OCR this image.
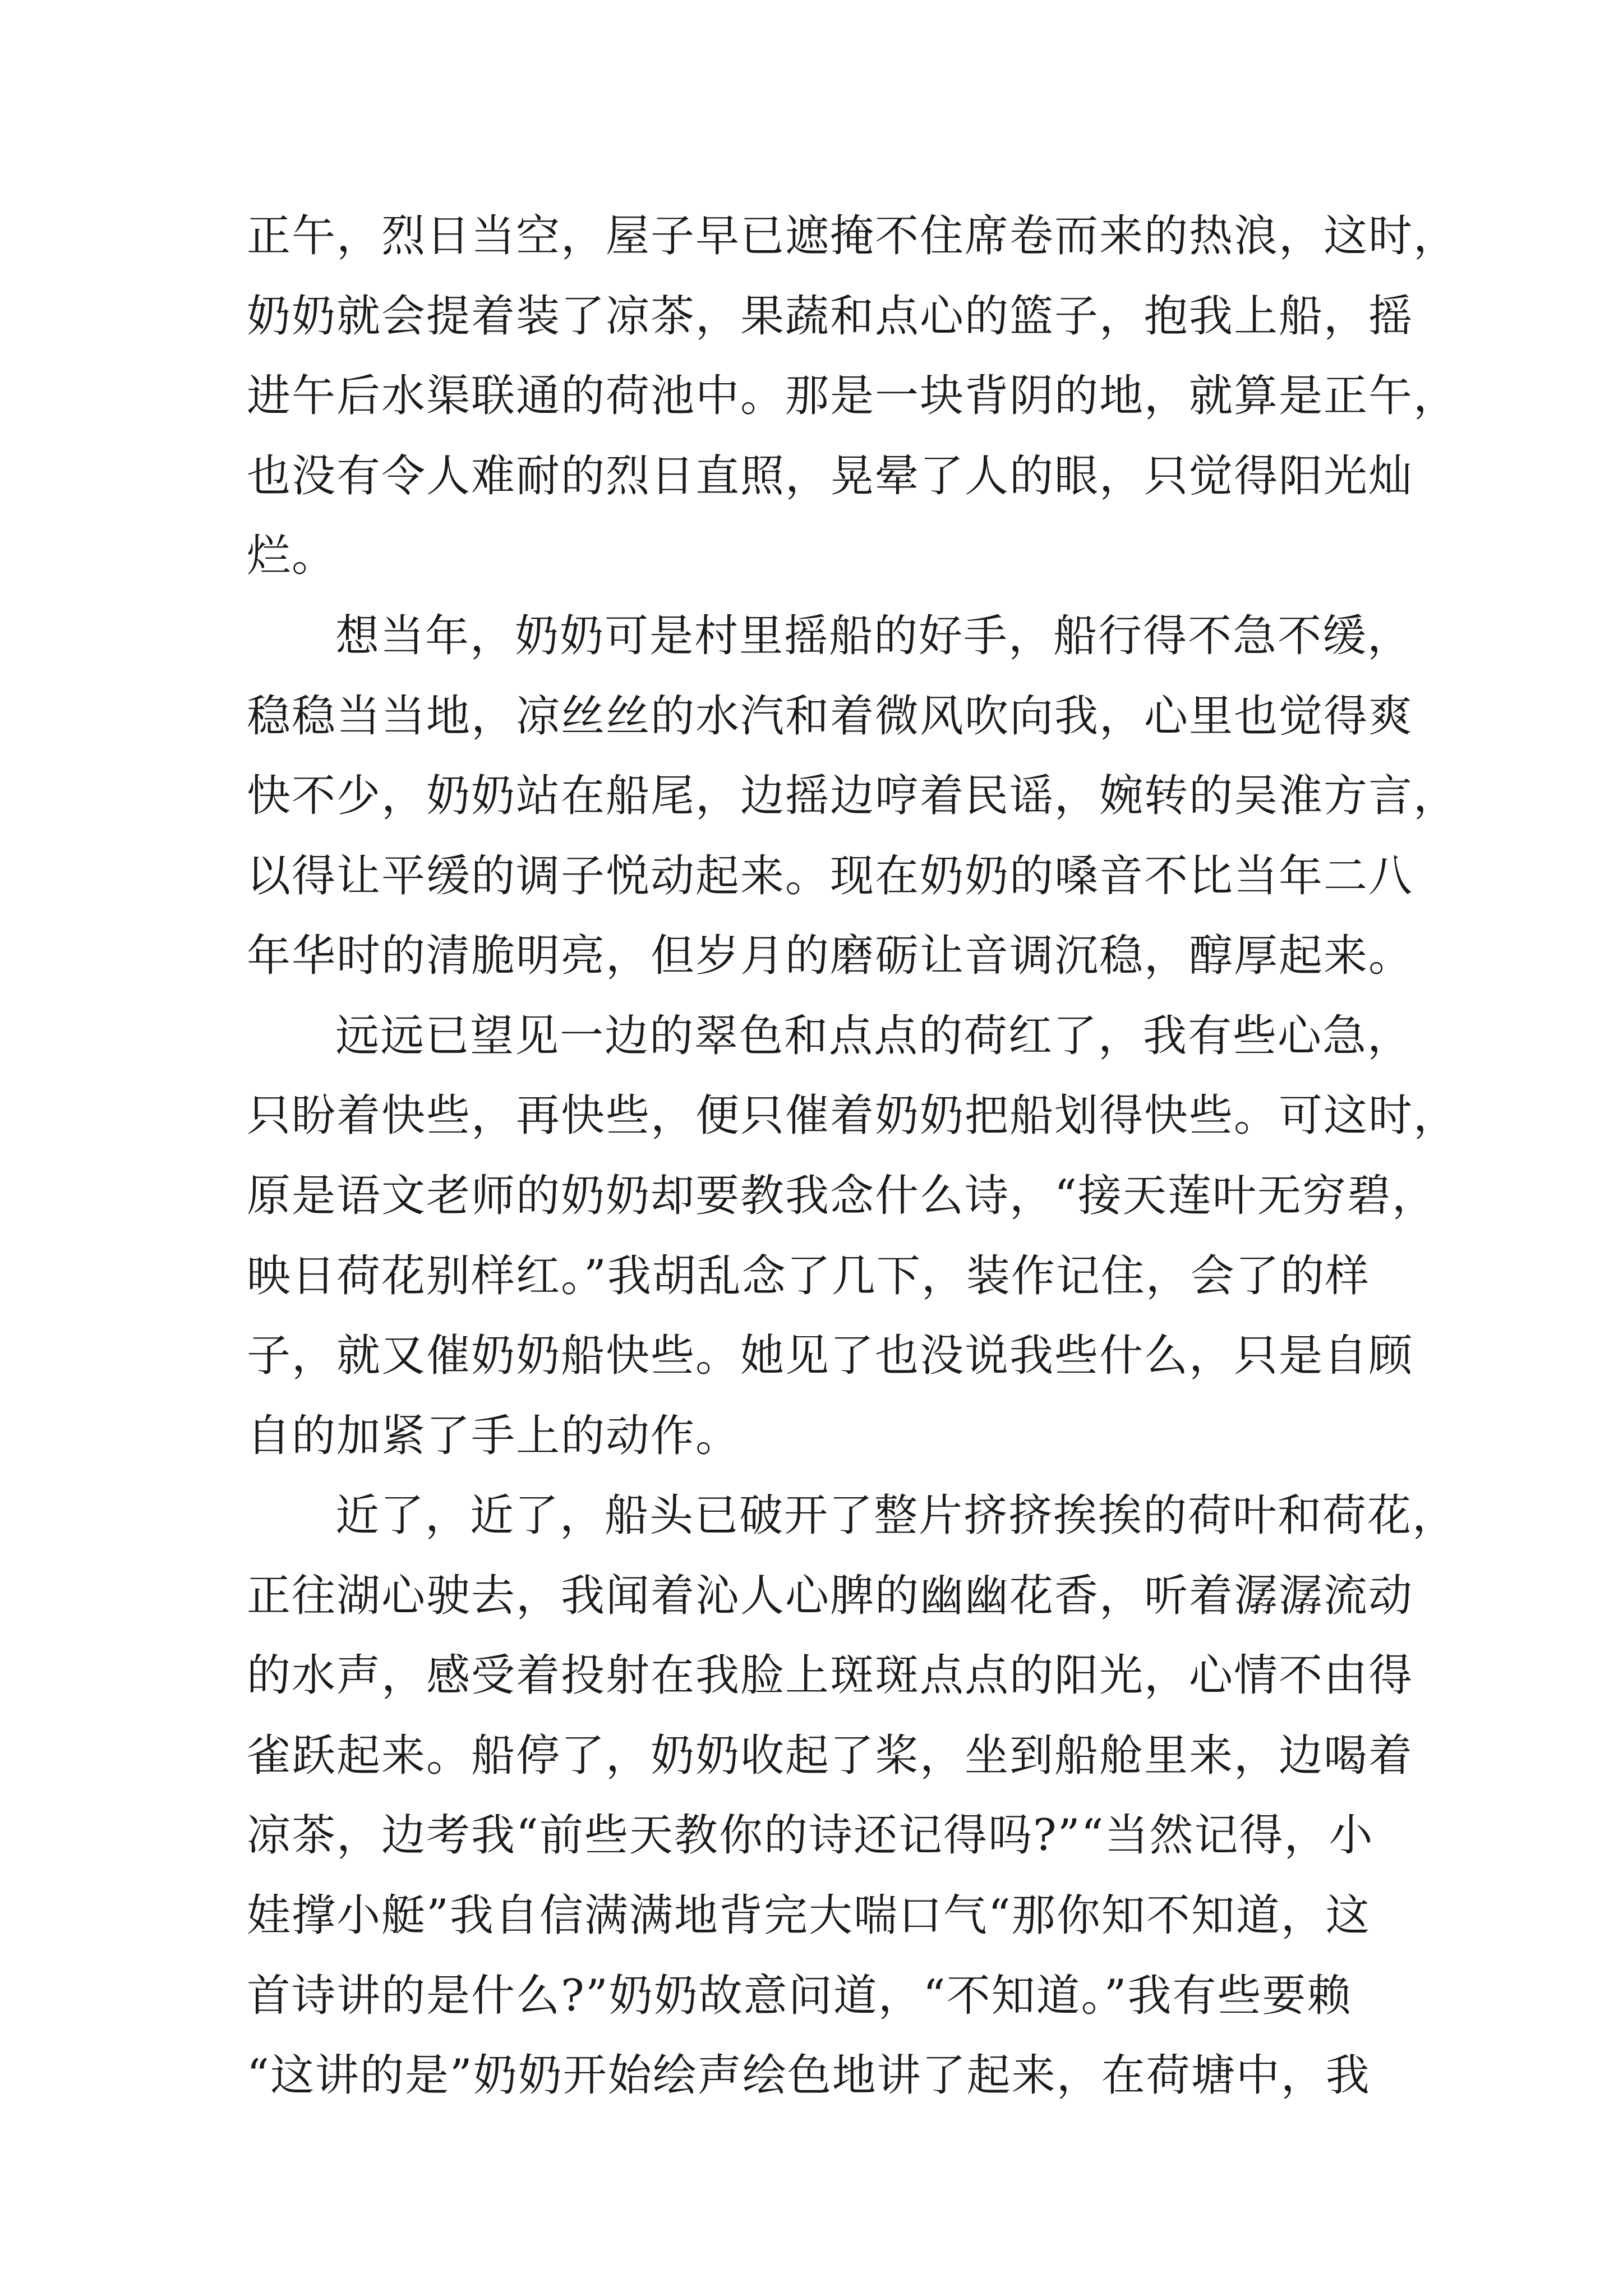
正午，烈日当空，屋子早已遮掩不住席卷而来的热浪，这时，
奶奶就会提着装了凉茶，果蔬和点心的篮子，抱我上船，摇
进午后水渠联通的荷池中。那是一块背阴的地，就算是正午，
也没有令人难耐的烈日直照，晃晕了人的眼，只觉得阳光灿
烂。
想当年，奶奶可是村里摇船的好手，船行得不急不缓，
稳稳当当地，凉丝丝的水汽和着微风吹向我，心里也觉得爽
快不少，奶奶站在船尾，边摇边哼着民谣，婉转的吴淮方言，
以得让平缓的调子悦动起来。现在奶奶的嗓音不比当年二八
年华时的清脆明亮，但岁月的磨砺让音调沉稳，醇厚起来。
远远已望见一边的翠色和点点的荷红了，我有些心急，
只盼着快些，再快些，便只催着奶奶把船划得快些。可这时，
原是语文老师的奶奶却要教我念什么诗，“接天莲叶无穷碧，
映日荷花别样红。”我胡乱念了几下，装作记住，会了的样
子，就又催奶奶船快些。她见了也没说我些什么，只是自顾
自的加紧了手上的动作。
近了，近了，船头已破开了整片挤挤挨挨的荷叶和荷花，
正往湖心驶去，我闻着沁人心脾的幽幽花香，听着潺潺流动
的水声，感受着投射在我脸上斑斑点点的阳光，心情不由得
雀跃起来。船停了，奶奶收起了桨，坐到船舱里来，边喝着
凉茶，边考我“前些天教你的诗还记得吗?”“当然记得，小
娃撑小艇”我自信满满地背完大喘口气“那你知不知道，这
首诗讲的是什么?”奶奶故意问道，“不知道。”我有些要赖
“这讲的是”奶奶开始绘声绘色地讲了起来，在荷塘中，我
